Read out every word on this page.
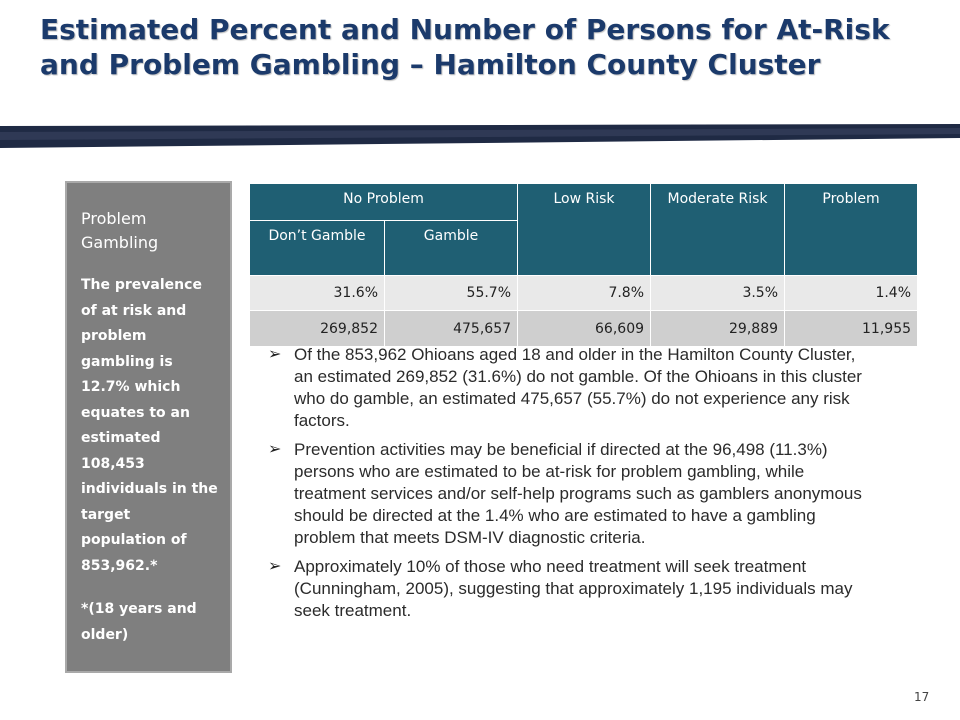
Estimated Percent and Number of Persons for At-Risk and Problem Gambling – Hamilton County Cluster

Problem Gambling

The prevalence of at risk and problem gambling is 12.7% which equates to an estimated 108,453 individuals in the target population of 853,962.*

*(18 years and older)

No Problem		Low Risk	Moderate Risk	Problem
Don’t Gamble	Gamble			
31.6%	55.7%	7.8%	3.5%	1.4%
269,852	475,657	66,609	29,889	11,955
➢ Of the 853,962 Ohioans aged 18 and older in the Hamilton County Cluster, an estimated 269,852 (31.6%) do not gamble. Of the Ohioans in this cluster who do gamble, an estimated 475,657 (55.7%) do not experience any risk factors.
➢ Prevention activities may be beneficial if directed at the 96,498 (11.3%) persons who are estimated to be at-risk for problem gambling, while treatment services and/or self-help programs such as gamblers anonymous should be directed at the 1.4% who are estimated to have a gambling problem that meets DSM-IV diagnostic criteria.
➢ Approximately 10% of those who need treatment will seek treatment (Cunningham, 2005), suggesting that approximately 1,195 individuals may seek treatment.
17
